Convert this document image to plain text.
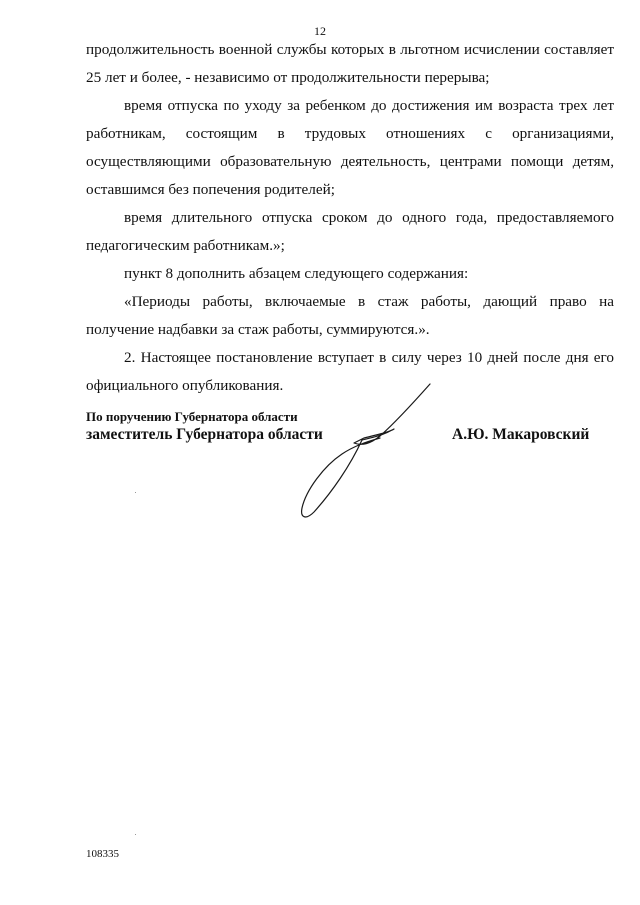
12

продолжительность военной службы которых в льготном исчислении составляет 25 лет и более, - независимо от продолжительности перерыва;

время отпуска по уходу за ребенком до достижения им возраста трех лет работникам, состоящим в трудовых отношениях с организациями, осуществляющими образовательную деятельность, центрами помощи детям, оставшимся без попечения родителей;

время длительного отпуска сроком до одного года, предоставляемого педагогическим работникам.»;

пункт 8 дополнить абзацем следующего содержания:

«Периоды работы, включаемые в стаж работы, дающий право на получение надбавки за стаж работы, суммируются.».

2. Настоящее постановление вступает в силу через 10 дней после дня его официального опубликования.

По поручению Губернатора области
заместитель Губернатора области	А.Ю. Макаровский
108335
